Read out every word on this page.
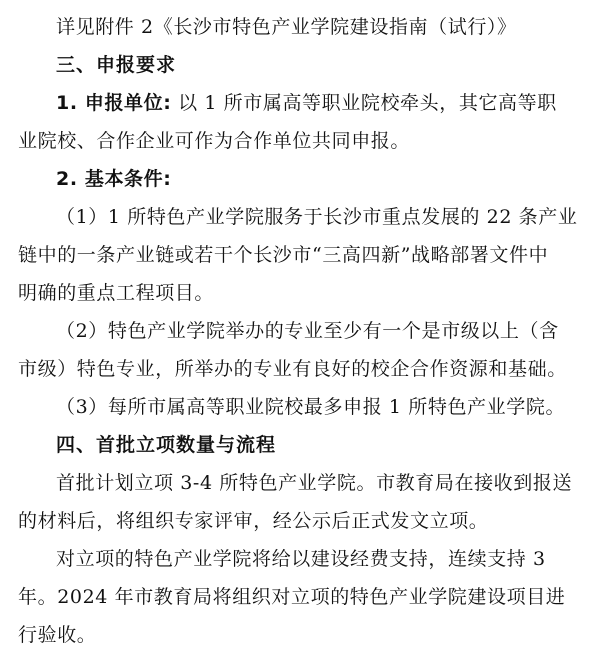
详见附件 2《长沙市特色产业学院建设指南（试行）》

三、申报要求

1. 申报单位: 以 1 所市属高等职业院校牵头，其它高等职

业院校、合作企业可作为合作单位共同申报。

2. 基本条件:

（1）1 所特色产业学院服务于长沙市重点发展的 22 条产业

链中的一条产业链或若干个长沙市“三高四新”战略部署文件中

明确的重点工程项目。

（2）特色产业学院举办的专业至少有一个是市级以上（含

市级）特色专业，所举办的专业有良好的校企合作资源和基础。

（3）每所市属高等职业院校最多申报 1 所特色产业学院。

四、首批立项数量与流程

首批计划立项 3-4 所特色产业学院。市教育局在接收到报送

的材料后，将组织专家评审，经公示后正式发文立项。

对立项的特色产业学院将给以建设经费支持，连续支持 3

年。2024 年市教育局将组织对立项的特色产业学院建设项目进

行验收。
